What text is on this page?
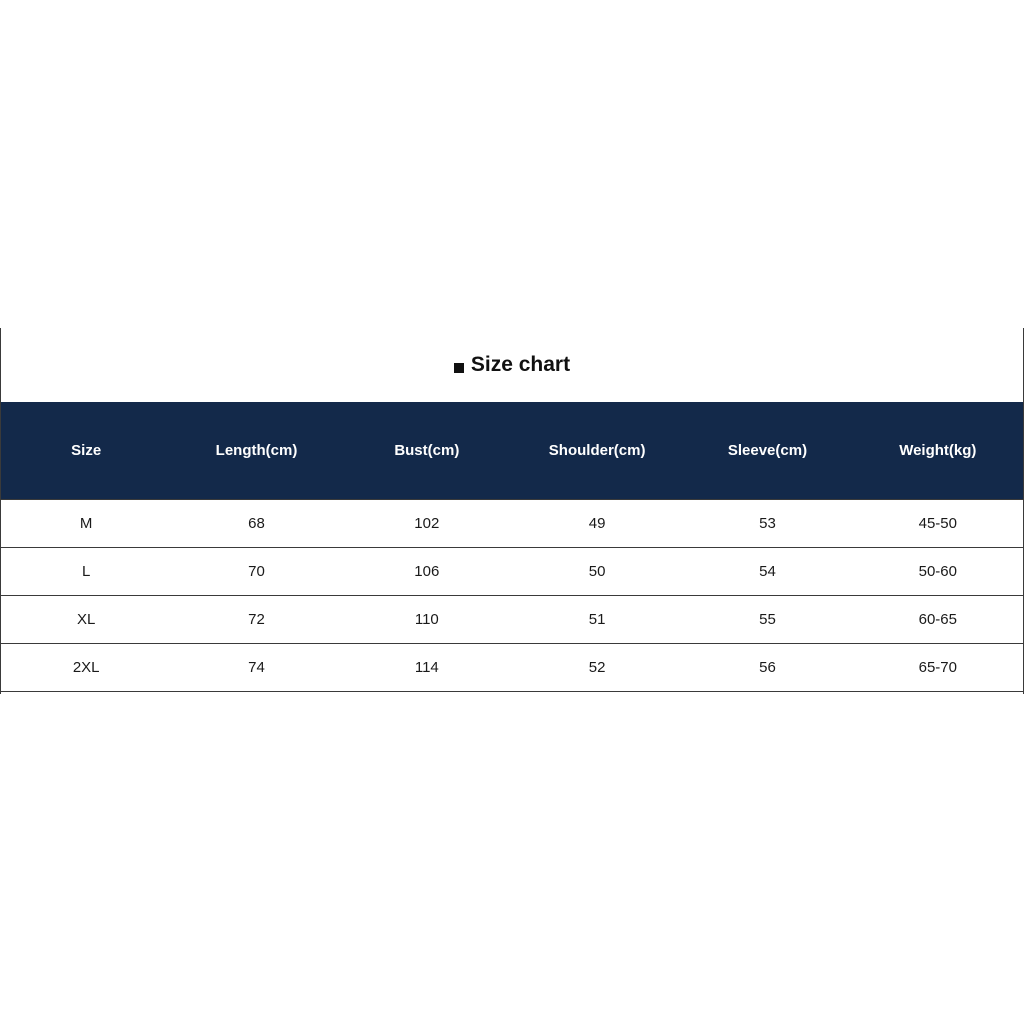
Size chart
Size	Length(cm)	Bust(cm)	Shoulder(cm)	Sleeve(cm)	Weight(kg)
M	68	102	49	53	45-50
L	70	106	50	54	50-60
XL	72	110	51	55	60-65
2XL	74	114	52	56	65-70
